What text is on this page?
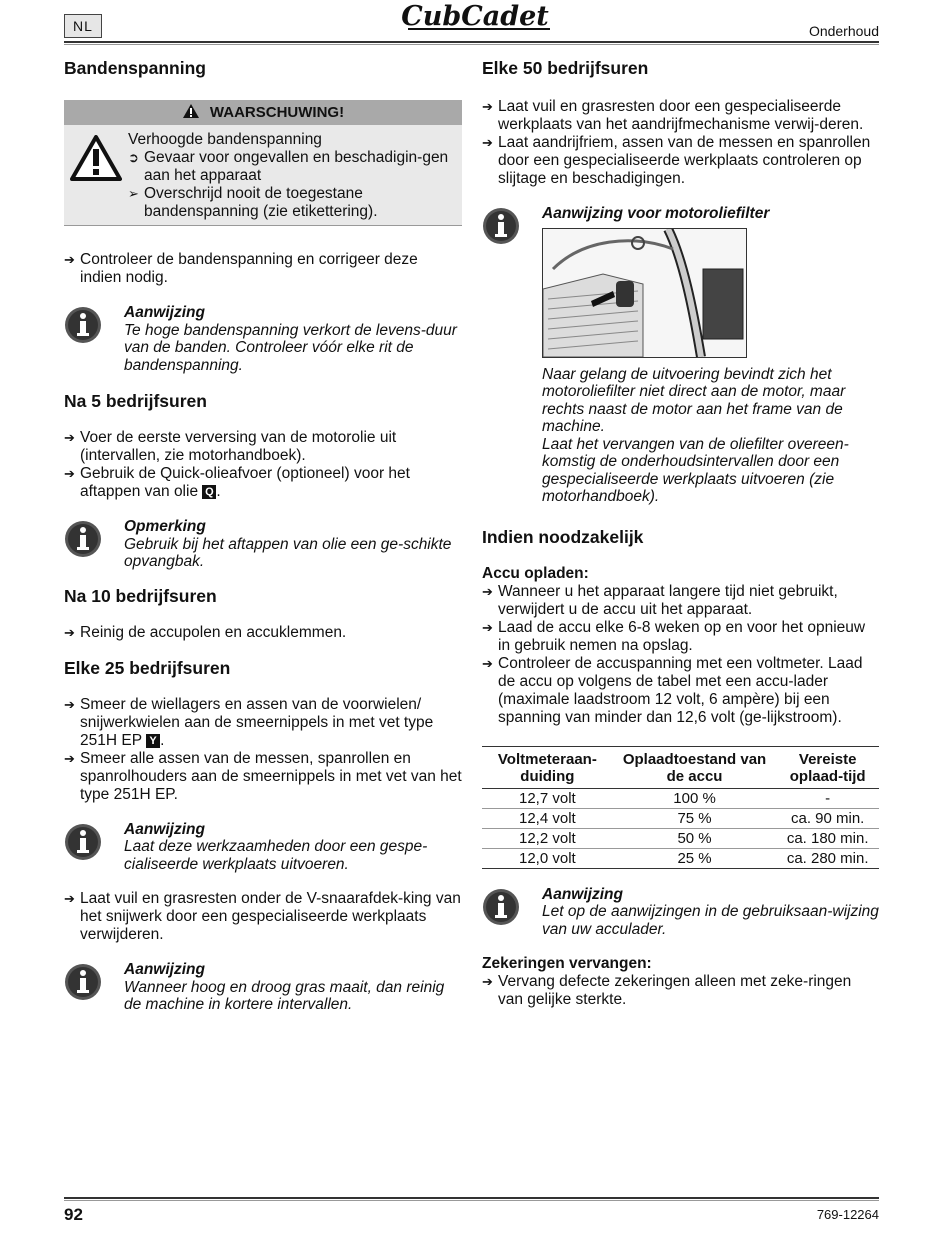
NL	CubCadet	Onderhoud
Bandenspanning
WAARSCHUWING!
Verhoogde bandenspanning
➲ Gevaar voor ongevallen en beschadigin-gen aan het apparaat
➢ Overschrijd nooit de toegestane bandenspanning (zie etikettering).
➔ Controleer de bandenspanning en corrigeer deze indien nodig.
Aanwijzing
Te hoge bandenspanning verkort de levens-duur van de banden. Controleer vóór elke rit de bandenspanning.
Na 5 bedrijfsuren
➔ Voer de eerste verversing van de motorolie uit (intervallen, zie motorhandboek).
➔ Gebruik de Quick-olieafvoer (optioneel) voor het aftappen van olie Q .
Opmerking
Gebruik bij het aftappen van olie een ge-schikte opvangbak.
Na 10 bedrijfsuren
➔ Reinig de accupolen en accuklemmen.
Elke 25 bedrijfsuren
➔ Smeer de wiellagers en assen van de voorwielen/ snijwerkwielen aan de smeernippels in met vet type 251H EP Y .
➔ Smeer alle assen van de messen, spanrollen en spanrolhouders aan de smeernippels in met vet van het type 251H EP.
Aanwijzing
Laat deze werkzaamheden door een gespe-cialiseerde werkplaats uitvoeren.
➔ Laat vuil en grasresten onder de V-snaarafdek-king van het snijwerk door een gespecialiseerde werkplaats verwijderen.
Aanwijzing
Wanneer hoog en droog gras maait, dan reinig de machine in kortere intervallen.
Elke 50 bedrijfsuren
➔ Laat vuil en grasresten door een gespecialiseerde werkplaats van het aandrijfmechanisme verwij-deren.
➔ Laat aandrijfriem, assen van de messen en spanrollen door een gespecialiseerde werkplaats controleren op slijtage en beschadigingen.
Aanwijzing voor motoroliefilter
Naar gelang de uitvoering bevindt zich het motoroliefilter niet direct aan de motor, maar rechts naast de motor aan het frame van de machine.
Laat het vervangen van de oliefilter overeen-komstig de onderhoudsintervallen door een gespecialiseerde werkplaats uitvoeren (zie motorhandboek).
Indien noodzakelijk
Accu opladen:
➔ Wanneer u het apparaat langere tijd niet gebruikt, verwijdert u de accu uit het apparaat.
➔ Laad de accu elke 6-8 weken op en voor het opnieuw in gebruik nemen na opslag.
➔ Controleer de accuspanning met een voltmeter. Laad de accu op volgens de tabel met een accu-lader (maximale laadstroom 12 volt, 6 ampère) bij een spanning van minder dan 12,6 volt (ge-lijkstroom).
Voltmeteraan-duiding	Oplaadtoestand van de accu	Vereiste oplaad-tijd
12,7 volt	100 %	-
12,4 volt	75 %	ca. 90 min.
12,2 volt	50 %	ca. 180 min.
12,0 volt	25 %	ca. 280 min.
Aanwijzing
Let op de aanwijzingen in de gebruiksaan-wijzing van uw acculader.
Zekeringen vervangen:
➔ Vervang defecte zekeringen alleen met zeke-ringen van gelijke sterkte.
92	769-12264
